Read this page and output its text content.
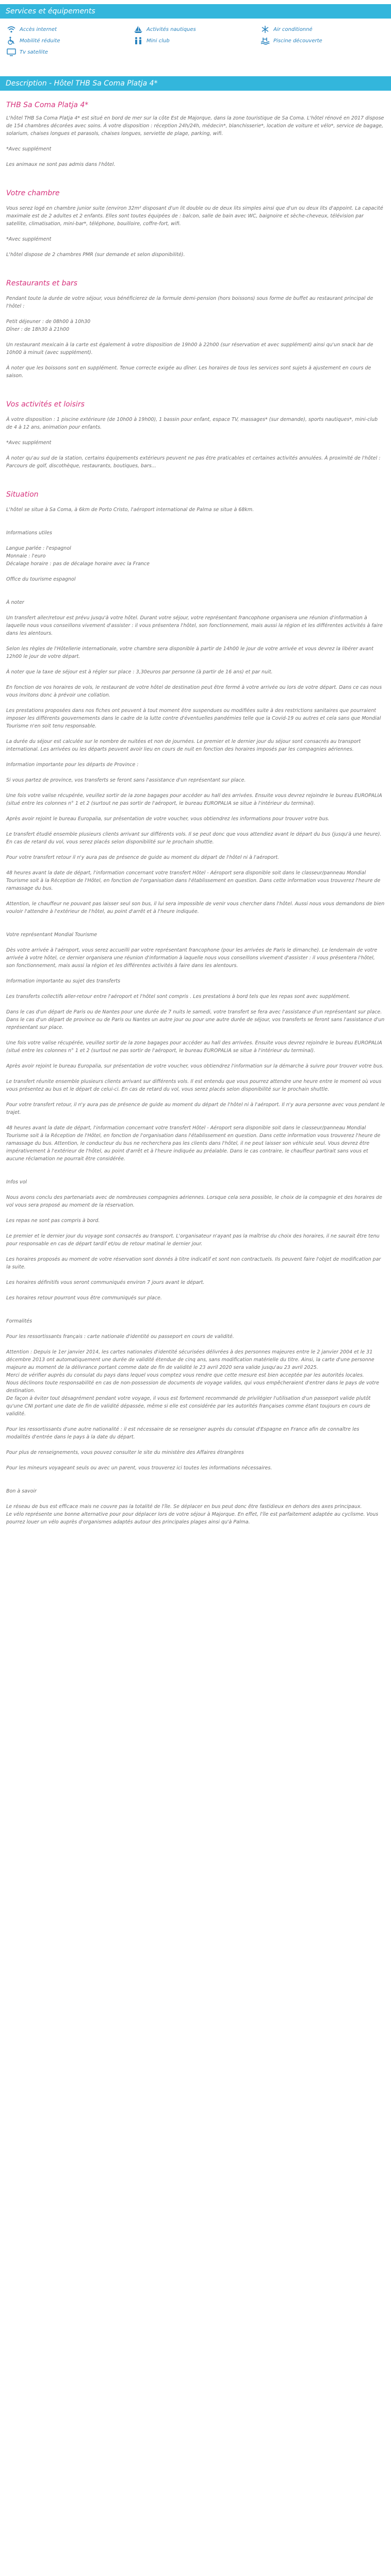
Services et équipements
Accès internet	Activités nautiques	Air conditionné
Mobilité réduite	Mini club	Piscine découverte
Tv satellite
Description - Hôtel THB Sa Coma Platja 4*
THB Sa Coma Platja 4*

L'hôtel THB Sa Coma Platja 4* est situé en bord de mer sur la côte Est de Majorque, dans la zone touristique de Sa Coma. L'hôtel rénové en 2017 dispose de 154 chambres décorées avec soins. À votre disposition : réception 24h/24h, médecin*, blanchisserie*, location de voiture et vélo*, service de bagage, solarium, chaises longues et parasols, chaises longues, serviette de plage, parking, wifi.

*Avec supplément

Les animaux ne sont pas admis dans l'hôtel.

Votre chambre

Vous serez logé en chambre junior suite (environ 32m² disposant d'un lit double ou de deux lits simples ainsi que d'un ou deux lits d'appoint. La capacité maximale est de 2 adultes et 2 enfants. Elles sont toutes équipées de : balcon, salle de bain avec WC, baignoire et sèche-cheveux, télévision par satellite, climatisation, mini-bar*, téléphone, bouilloire, coffre-fort, wifi.

*Avec supplément

L'hôtel dispose de 2 chambres PMR (sur demande et selon disponibilité).

Restaurants et bars

Pendant toute la durée de votre séjour, vous bénéficierez de la formule demi-pension (hors boissons) sous forme de buffet au restaurant principal de l'hôtel :

Petit déjeuner : de 08h00 à 10h30

Dîner : de 18h30 à 21h00

Un restaurant mexicain à la carte est également à votre disposition de 19h00 à 22h00 (sur réservation et avec supplément) ainsi qu'un snack bar de 10h00 à minuit (avec supplément).

À noter que les boissons sont en supplément. Tenue correcte exigée au dîner. Les horaires de tous les services sont sujets à ajustement en cours de saison.

Vos activités et loisirs

À votre disposition : 1 piscine extérieure (de 10h00 à 19h00), 1 bassin pour enfant, espace TV, massages* (sur demande), sports nautiques*, mini-club de 4 à 12 ans, animation pour enfants.

*Avec supplément

À noter qu'au sud de la station, certains équipements extérieurs peuvent ne pas être praticables et certaines activités annulées. À proximité de l'hôtel : Parcours de golf, discothèque, restaurants, boutiques, bars...

Situation

L'hôtel se situe à Sa Coma, à 6km de Porto Cristo, l'aéroport international de Palma se situe à 68km.

Informations utiles

Langue parlée : l'espagnol

Monnaie : l'euro

Décalage horaire : pas de décalage horaire avec la France

Office du tourisme espagnol

À noter

Un transfert aller/retour est prévu jusqu'à votre hôtel. Durant votre séjour, votre représentant francophone organisera une réunion d'information à laquelle nous vous conseillons vivement d'assister : il vous présentera l'hôtel, son fonctionnement, mais aussi la région et les différentes activités à faire dans les alentours.

Selon les règles de l'Hôtellerie internationale, votre chambre sera disponible à partir de 14h00 le jour de votre arrivée et vous devrez la libérer avant 12h00 le jour de votre départ.

À noter que la taxe de séjour est à régler sur place : 3,30euros par personne (à partir de 16 ans) et par nuit.

En fonction de vos horaires de vols, le restaurant de votre hôtel de destination peut être fermé à votre arrivée ou lors de votre départ. Dans ce cas nous vous invitons donc à prévoir une collation.

Les prestations proposées dans nos fiches ont peuvent à tout moment être suspendues ou modifiées suite à des restrictions sanitaires que pourraient imposer les différents gouvernements dans le cadre de la lutte contre d'éventuelles pandémies telle que la Covid-19 ou autres et cela sans que Mondial Tourisme n'en soit tenu responsable.

La durée du séjour est calculée sur le nombre de nuitées et non de journées. Le premier et le dernier jour du séjour sont consacrés au transport international. Les arrivées ou les départs peuvent avoir lieu en cours de nuit en fonction des horaires imposés par les compagnies aériennes.

Information importante pour les départs de Province :

Si vous partez de province, vos transferts se feront sans l'assistance d'un représentant sur place.

Une fois votre valise récupérée, veuillez sortir de la zone bagages pour accéder au hall des arrivées. Ensuite vous devrez rejoindre le bureau EUROPALIA (situé entre les colonnes n° 1 et 2 (surtout ne pas sortir de l'aéroport, le bureau EUROPALIA se situe à l'intérieur du terminal).

Après avoir rejoint le bureau Europalia, sur présentation de votre voucher, vous obtiendrez les informations pour trouver votre bus.

Le transfert étudié ensemble plusieurs clients arrivant sur différents vols. Il se peut donc que vous attendiez avant le départ du bus (jusqu'à une heure). En cas de retard du vol, vous serez placés selon disponibilité sur le prochain shuttle.

Pour votre transfert retour il n'y aura pas de présence de guide au moment du départ de l'hôtel ni à l'aéroport.

48 heures avant la date de départ, l'information concernant votre transfert Hôtel - Aéroport sera disponible soit dans le classeur/panneau Mondial Tourisme soit à la Réception de l'Hôtel, en fonction de l'organisation dans l'établissement en question. Dans cette information vous trouverez l'heure de ramassage du bus.

Attention, le chauffeur ne pouvant pas laisser seul son bus, il lui sera impossible de venir vous chercher dans l'hôtel. Aussi nous vous demandons de bien vouloir l'attendre à l'extérieur de l'hôtel, au point d'arrêt et à l'heure indiquée.

Votre représentant Mondial Tourisme

Dès votre arrivée à l'aéroport, vous serez accueilli par votre représentant francophone (pour les arrivées de Paris le dimanche). Le lendemain de votre arrivée à votre hôtel, ce dernier organisera une réunion d'information à laquelle nous vous conseillons vivement d'assister : il vous présentera l'hôtel, son fonctionnement, mais aussi la région et les différentes activités à faire dans les alentours.

Information importante au sujet des transferts

Les transferts collectifs aller-retour entre l'aéroport et l'hôtel sont compris . Les prestations à bord tels que les repas sont avec supplément.

Dans le cas d'un départ de Paris ou de Nantes pour une durée de 7 nuits le samedi, votre transfert se fera avec l'assistance d'un représentant sur place. Dans le cas d'un départ de province ou de Paris ou Nantes un autre jour ou pour une autre durée de séjour, vos transferts se feront sans l'assistance d'un représentant sur place.

Une fois votre valise récupérée, veuillez sortir de la zone bagages pour accéder au hall des arrivées. Ensuite vous devrez rejoindre le bureau EUROPALIA (situé entre les colonnes n° 1 et 2 (surtout ne pas sortir de l'aéroport, le bureau EUROPALIA se situe à l'intérieur du terminal).

Après avoir rejoint le bureau Europalia, sur présentation de votre voucher, vous obtiendrez l'information sur la démarche à suivre pour trouver votre bus.

Le transfert réunite ensemble plusieurs clients arrivant sur différents vols. Il est entendu que vous pourrez attendre une heure entre le moment où vous vous présentez au bus et le départ de celui-ci. En cas de retard du vol, vous serez placés selon disponibilité sur le prochain shuttle.

Pour votre transfert retour, il n'y aura pas de présence de guide au moment du départ de l'hôtel ni à l'aéroport. Il n'y aura personne avec vous pendant le trajet.

48 heures avant la date de départ, l'information concernant votre transfert Hôtel - Aéroport sera disponible soit dans le classeur/panneau Mondial Tourisme soit à la Réception de l'Hôtel, en fonction de l'organisation dans l'établissement en question. Dans cette information vous trouverez l'heure de ramassage du bus. Attention, le conducteur du bus ne recherchera pas les clients dans l'hôtel, il ne peut laisser son véhicule seul. Vous devrez être impérativement à l'extérieur de l'hôtel, au point d'arrêt et à l'heure indiquée au préalable. Dans le cas contraire, le chauffeur partirait sans vous et aucune réclamation ne pourrait être considérée.

Infos vol

Nous avons conclu des partenariats avec de nombreuses compagnies aériennes. Lorsque cela sera possible, le choix de la compagnie et des horaires de vol vous sera proposé au moment de la réservation.

Les repas ne sont pas compris à bord.

Le premier et le dernier jour du voyage sont consacrés au transport. L'organisateur n'ayant pas la maîtrise du choix des horaires, il ne saurait être tenu pour responsable en cas de départ tardif et/ou de retour matinal le dernier jour.

Les horaires proposés au moment de votre réservation sont donnés à titre indicatif et sont non contractuels. Ils peuvent faire l'objet de modification par la suite.

Les horaires définitifs vous seront communiqués environ 7 jours avant le départ.

Les horaires retour pourront vous être communiqués sur place.

Formalités

Pour les ressortissants français : carte nationale d'identité ou passeport en cours de validité.

Attention : Depuis le 1er janvier 2014, les cartes nationales d'identité sécurisées délivrées à des personnes majeures entre le 2 janvier 2004 et le 31 décembre 2013 ont automatiquement une durée de validité étendue de cinq ans, sans modification matérielle du titre. Ainsi, la carte d'une personne majeure au moment de la délivrance portant comme date de fin de validité le 23 avril 2020 sera valide jusqu'au 23 avril 2025.

Merci de vérifier auprès du consulat du pays dans lequel vous comptez vous rendre que cette mesure est bien acceptée par les autorités locales.

Nous déclinons toute responsabilité en cas de non-possession de documents de voyage valides, qui vous empêcheraient d'entrer dans le pays de votre destination.

De façon à éviter tout désagrément pendant votre voyage, il vous est fortement recommandé de privilégier l'utilisation d'un passeport valide plutôt qu'une CNI portant une date de fin de validité dépassée, même si elle est considérée par les autorités françaises comme étant toujours en cours de validité.

Pour les ressortissants d'une autre nationalité : il est nécessaire de se renseigner auprès du consulat d'Espagne en France afin de connaître les modalités d'entrée dans le pays à la date du départ.

Pour plus de renseignements, vous pouvez consulter le site du ministère des Affaires étrangères

Pour les mineurs voyageant seuls ou avec un parent, vous trouverez ici toutes les informations nécessaires.

Bon à savoir

Le réseau de bus est efficace mais ne couvre pas la totalité de l'île. Se déplacer en bus peut donc être fastidieux en dehors des axes principaux.

Le vélo représente une bonne alternative pour pour déplacer lors de votre séjour à Majorque. En effet, l'île est parfaitement adaptée au cyclisme. Vous pourrez louer un vélo auprès d'organismes adaptés autour des principales plages ainsi qu'à Palma.
